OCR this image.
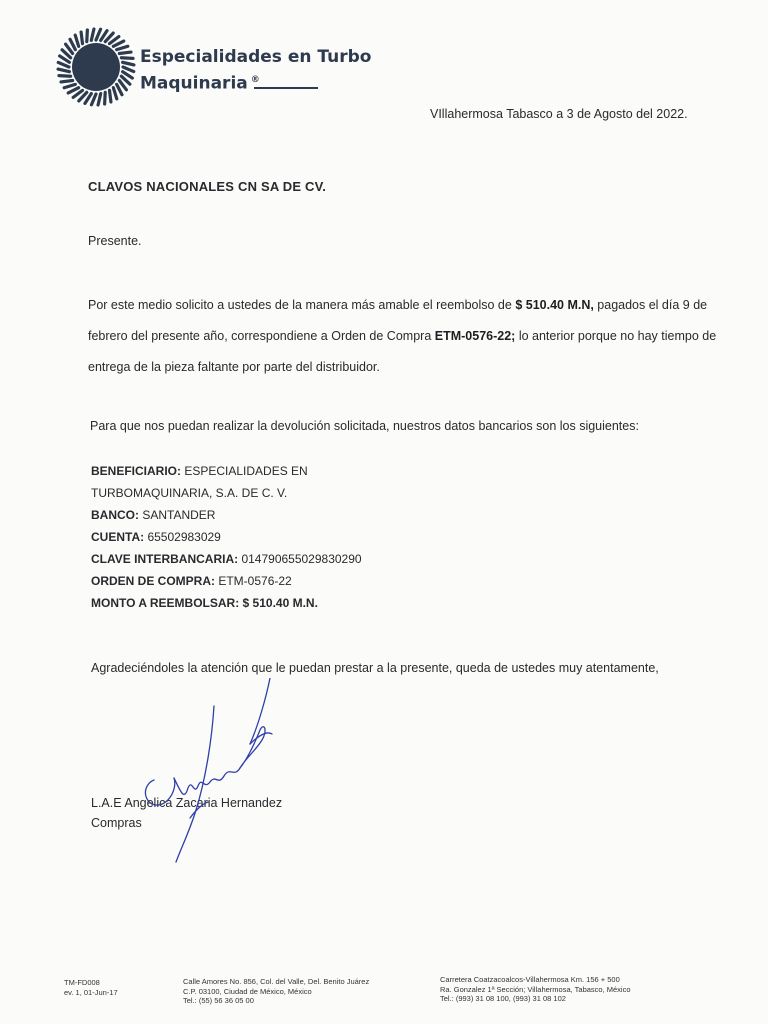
Especialidades en Turbo
Maquinaria ®
VIllahermosa Tabasco a 3 de Agosto del 2022.
CLAVOS NACIONALES CN SA DE CV.
Presente.
Por este medio solicito a ustedes de la manera más amable el reembolso de $ 510.40 M.N, pagados el día 9 de febrero del presente año, correspondiene a Orden de Compra ETM-0576-22; lo anterior porque no hay tiempo de entrega de la pieza faltante por parte del distribuidor.
Para que nos puedan realizar la devolución solicitada, nuestros datos bancarios son los siguientes:
BENEFICIARIO: ESPECIALIDADES EN
TURBOMAQUINARIA, S.A. DE C. V.
BANCO: SANTANDER
CUENTA: 65502983029
CLAVE INTERBANCARIA: 014790655029830290
ORDEN DE COMPRA: ETM-0576-22
MONTO A REEMBOLSAR: $ 510.40 M.N.
Agradeciéndoles la atención que le puedan prestar a la presente, queda de ustedes muy atentamente,
L.A.E Angelica Zacaria Hernandez
Compras
TM-FD008
ev. 1, 01-Jun-17
Calle Amores No. 856, Col. del Valle, Del. Benito Juárez
C.P. 03100, Ciudad de México, México
Tel.: (55) 56 36 05 00
Carretera Coatzacoalcos-Villahermosa Km. 156 + 500
Ra. Gonzalez 1ª Sección; Villahermosa, Tabasco, México
Tel.: (993) 31 08 100, (993) 31 08 102
